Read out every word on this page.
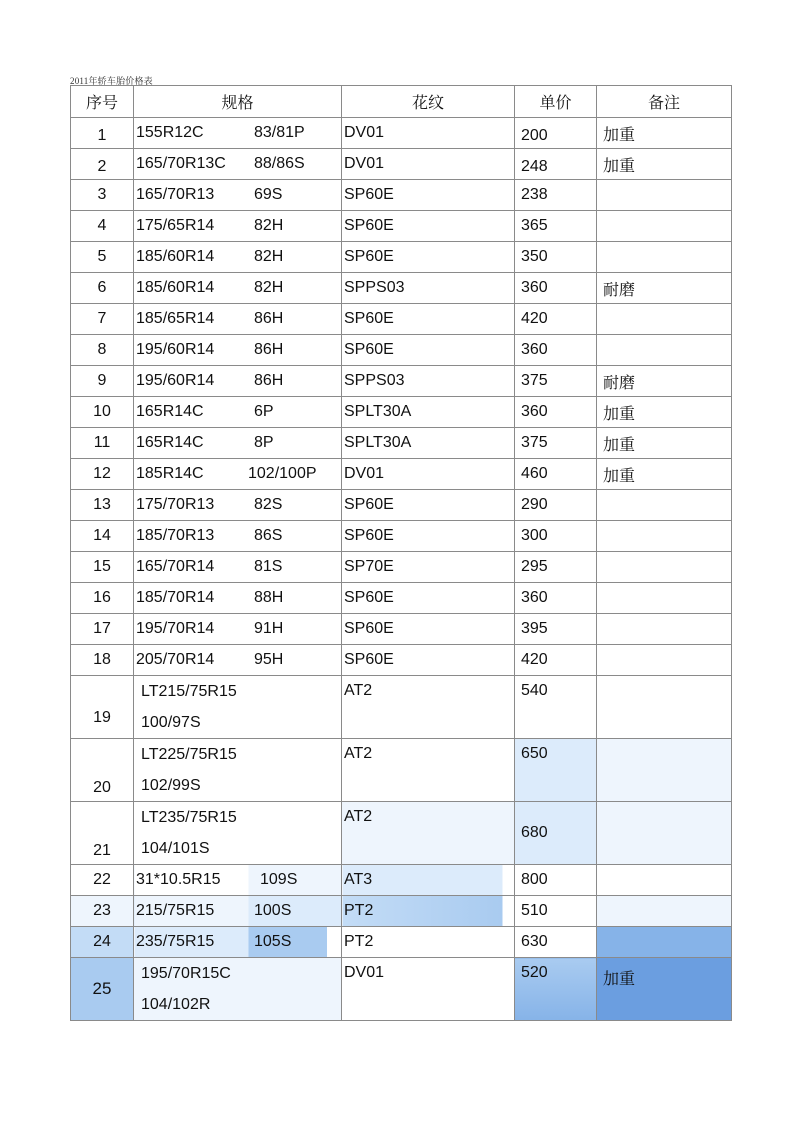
2011年轿车胎价格表
序号	规格	花纹	单价	备注
1	155R12C 83/81P	DV01	200	加重
2	165/70R13C 88/86S	DV01	248	加重
3	165/70R13 69S	SP60E	238	
4	175/65R14 82H	SP60E	365	
5	185/60R14 82H	SP60E	350	
6	185/60R14 82H	SPPS03	360	耐磨
7	185/65R14 86H	SP60E	420	
8	195/60R14 86H	SP60E	360	
9	195/60R14 86H	SPPS03	375	耐磨
10	165R14C 6P	SPLT30A	360	加重
11	165R14C 8P	SPLT30A	375	加重
12	185R14C 102/100P	DV01	460	加重
13	175/70R13 82S	SP60E	290	
14	185/70R13 86S	SP60E	300	
15	165/70R14 81S	SP70E	295	
16	185/70R14 88H	SP60E	360	
17	195/70R14 91H	SP60E	395	
18	205/70R14 95H	SP60E	420	
19	LT215/75R15
100/97S	AT2	540	
20	LT225/75R15
102/99S	AT2	650	
21	LT235/75R15
104/101S	AT2	680	
22	31*10.5R15 109S	AT3	800	
23	215/75R15 100S	PT2	510	
24	235/75R15 105S	PT2	630	
25	195/70R15C
104/102R	DV01	520	加重
